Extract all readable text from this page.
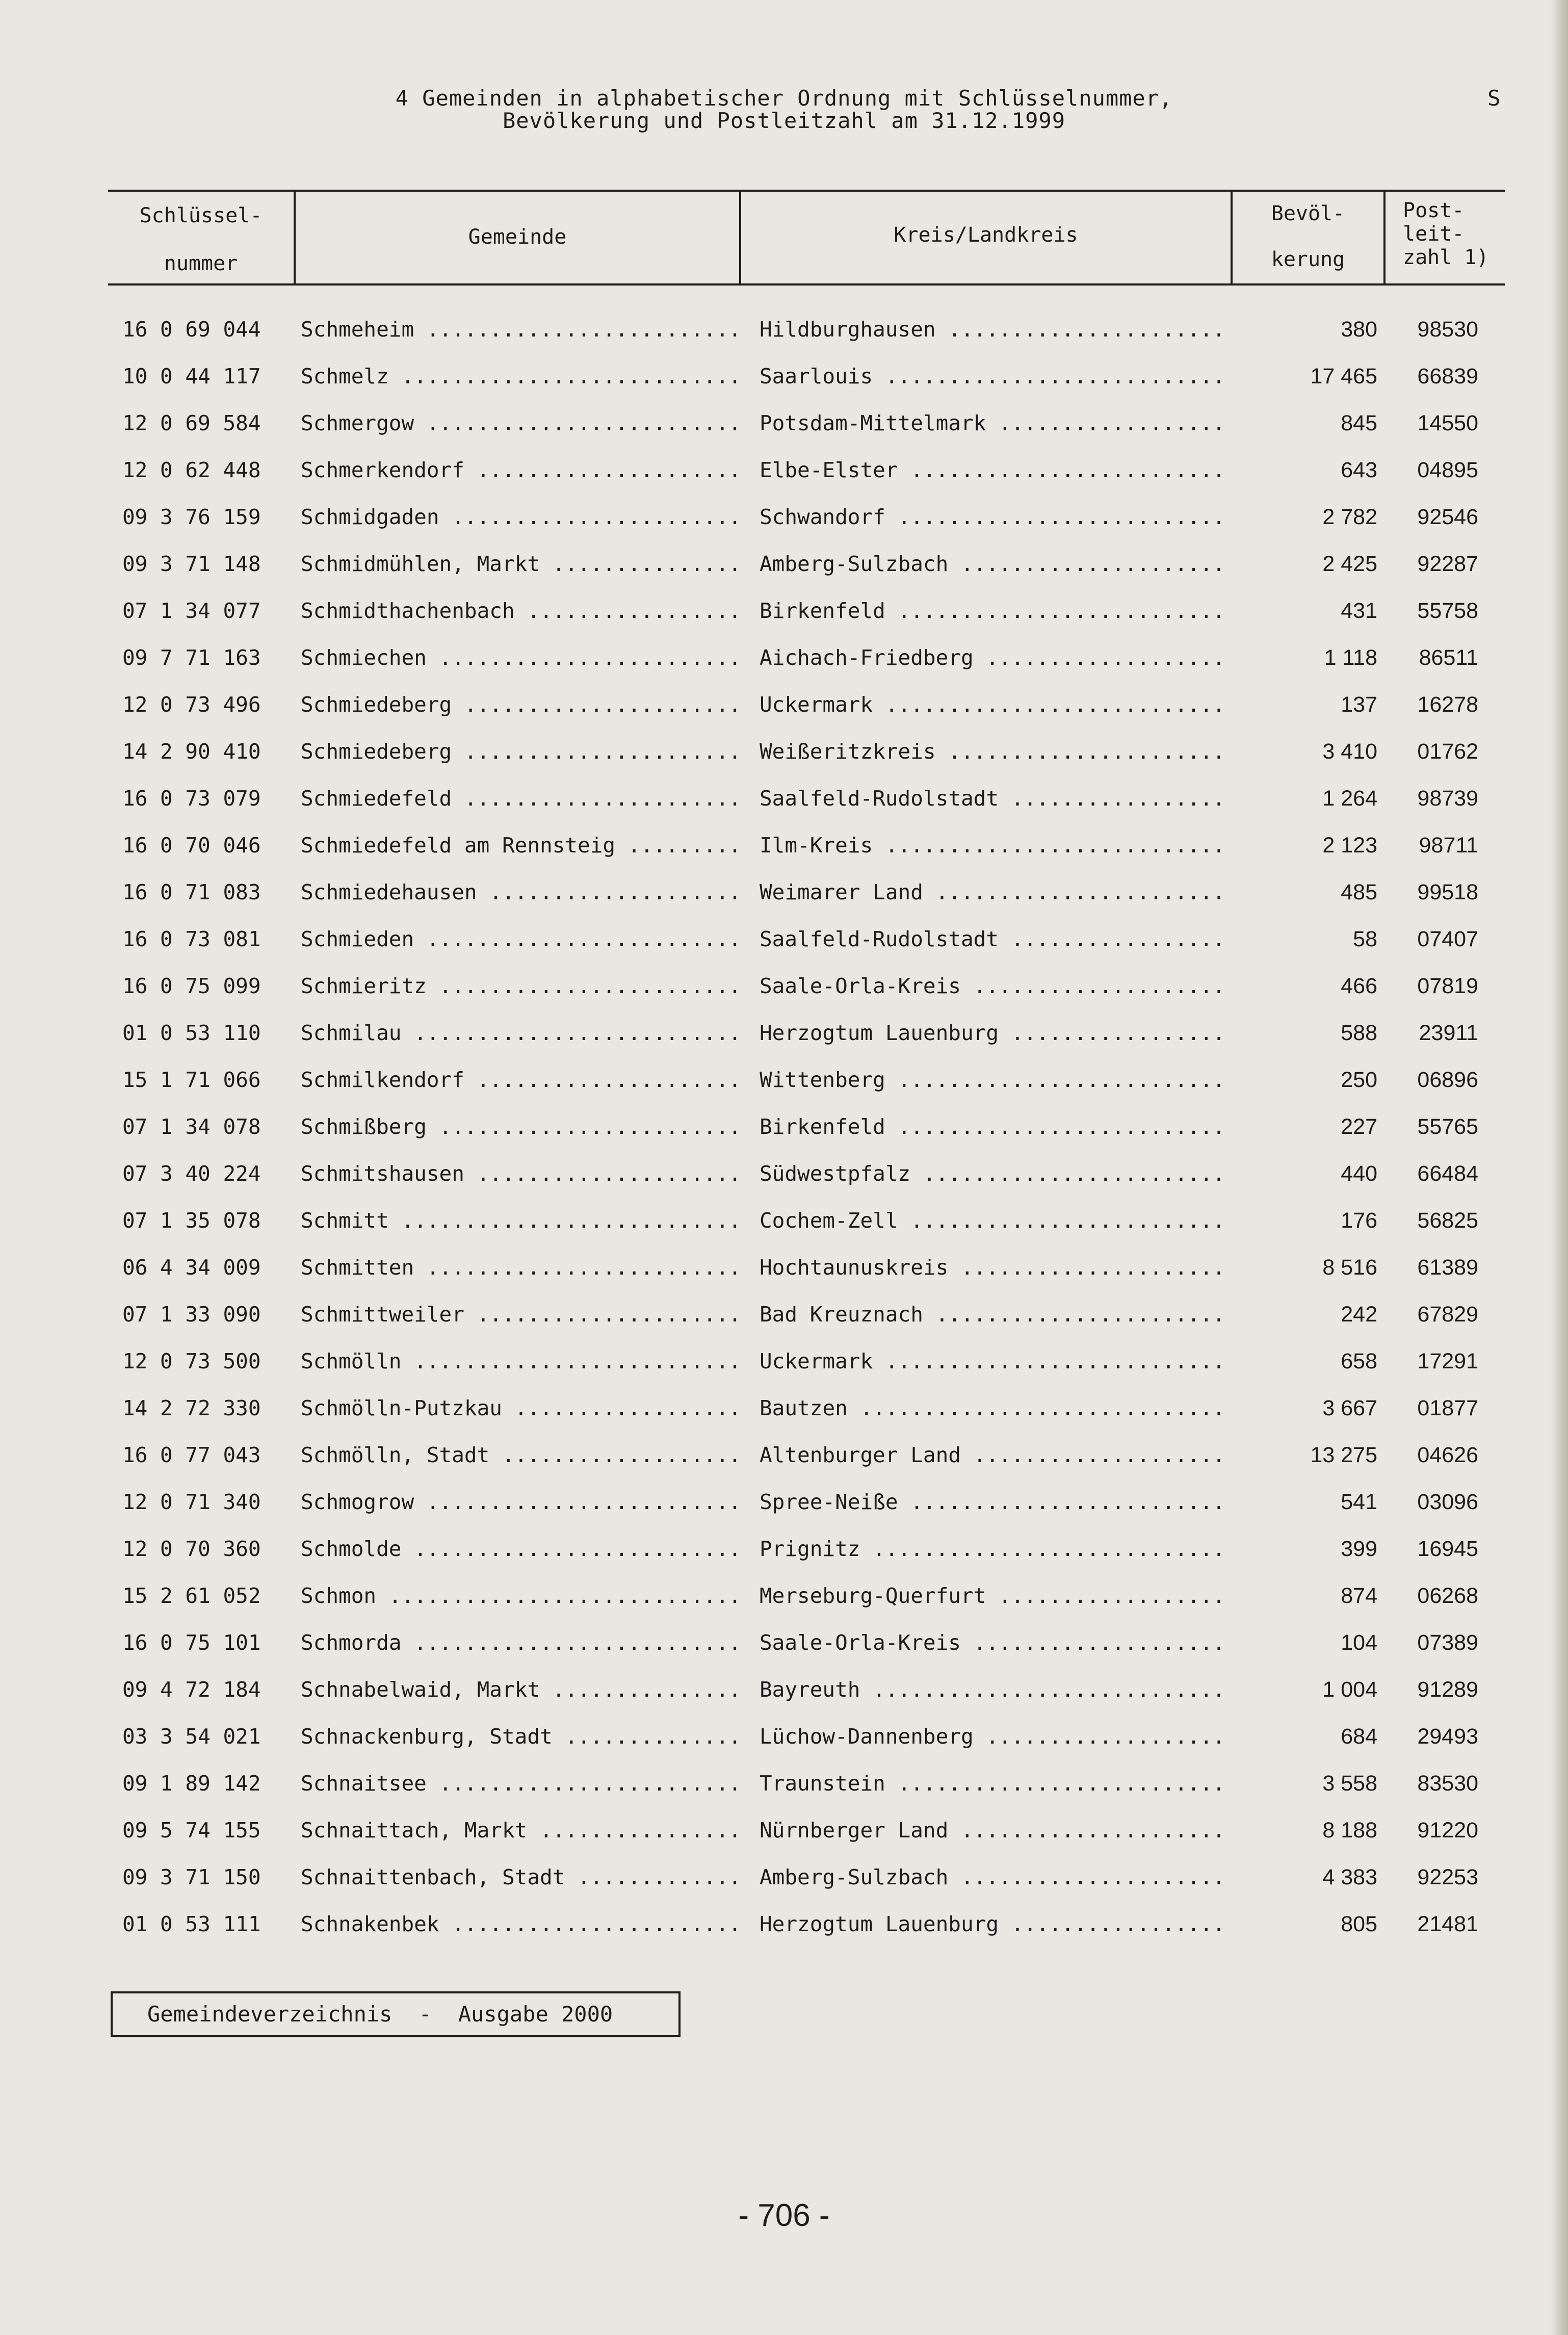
4 Gemeinden in alphabetischer Ordnung mit Schlüsselnummer,
Bevölkerung und Postleitzahl am 31.12.1999
S
Schlüssel-
nummer
Gemeinde	Kreis/Landkreis
Bevöl-
kerung
Post-
leit-
zahl 1)
16 0 69 044 Schmeheim .....	Hildburghausen .....	380	98530
10 0 44 117 Schmelz .....	Saarlouis .....	17 465	66839
12 0 69 584 Schmergow .....	Potsdam-Mittelmark .....	845	14550
12 0 62 448 Schmerkendorf .....	Elbe-Elster .....	643	04895
09 3 76 159 Schmidgaden .....	Schwandorf .....	2 782	92546
09 3 71 148 Schmidmühlen, Markt .....	Amberg-Sulzbach .....	2 425	92287
07 1 34 077 Schmidthachenbach .....	Birkenfeld .....	431	55758
09 7 71 163 Schmiechen .....	Aichach-Friedberg .....	1 118	86511
12 0 73 496 Schmiedeberg .....	Uckermark .....	137	16278
14 2 90 410 Schmiedeberg .....	Weißeritzkreis .....	3 410	01762
16 0 73 079 Schmiedefeld .....	Saalfeld-Rudolstadt .....	1 264	98739
16 0 70 046 Schmiedefeld am Rennsteig .....	Ilm-Kreis .....	2 123	98711
16 0 71 083 Schmiedehausen .....	Weimarer Land .....	485	99518
16 0 73 081 Schmieden .....	Saalfeld-Rudolstadt .....	58	07407
16 0 75 099 Schmieritz .....	Saale-Orla-Kreis .....	466	07819
01 0 53 110 Schmilau .....	Herzogtum Lauenburg .....	588	23911
15 1 71 066 Schmilkendorf .....	Wittenberg .....	250	06896
07 1 34 078 Schmißberg .....	Birkenfeld .....	227	55765
07 3 40 224 Schmitshausen .....	Südwestpfalz .....	440	66484
07 1 35 078 Schmitt .....	Cochem-Zell .....	176	56825
06 4 34 009 Schmitten .....	Hochtaunuskreis .....	8 516	61389
07 1 33 090 Schmittweiler .....	Bad Kreuznach .....	242	67829
12 0 73 500 Schmölln .....	Uckermark .....	658	17291
14 2 72 330 Schmölln-Putzkau .....	Bautzen .....	3 667	01877
16 0 77 043 Schmölln, Stadt .....	Altenburger Land .....	13 275	04626
12 0 71 340 Schmogrow .....	Spree-Neiße .....	541	03096
12 0 70 360 Schmolde .....	Prignitz .....	399	16945
15 2 61 052 Schmon .....	Merseburg-Querfurt .....	874	06268
16 0 75 101 Schmorda .....	Saale-Orla-Kreis .....	104	07389
09 4 72 184 Schnabelwaid, Markt .....	Bayreuth .....	1 004	91289
03 3 54 021 Schnackenburg, Stadt .....	Lüchow-Dannenberg .....	684	29493
09 1 89 142 Schnaitsee .....	Traunstein .....	3 558	83530
09 5 74 155 Schnaittach, Markt .....	Nürnberger Land .....	8 188	91220
09 3 71 150 Schnaittenbach, Stadt .....	Amberg-Sulzbach .....	4 383	92253
01 0 53 111 Schnakenbek .....	Herzogtum Lauenburg .....	805	21481
Gemeindeverzeichnis - Ausgabe 2000
- 706 -
